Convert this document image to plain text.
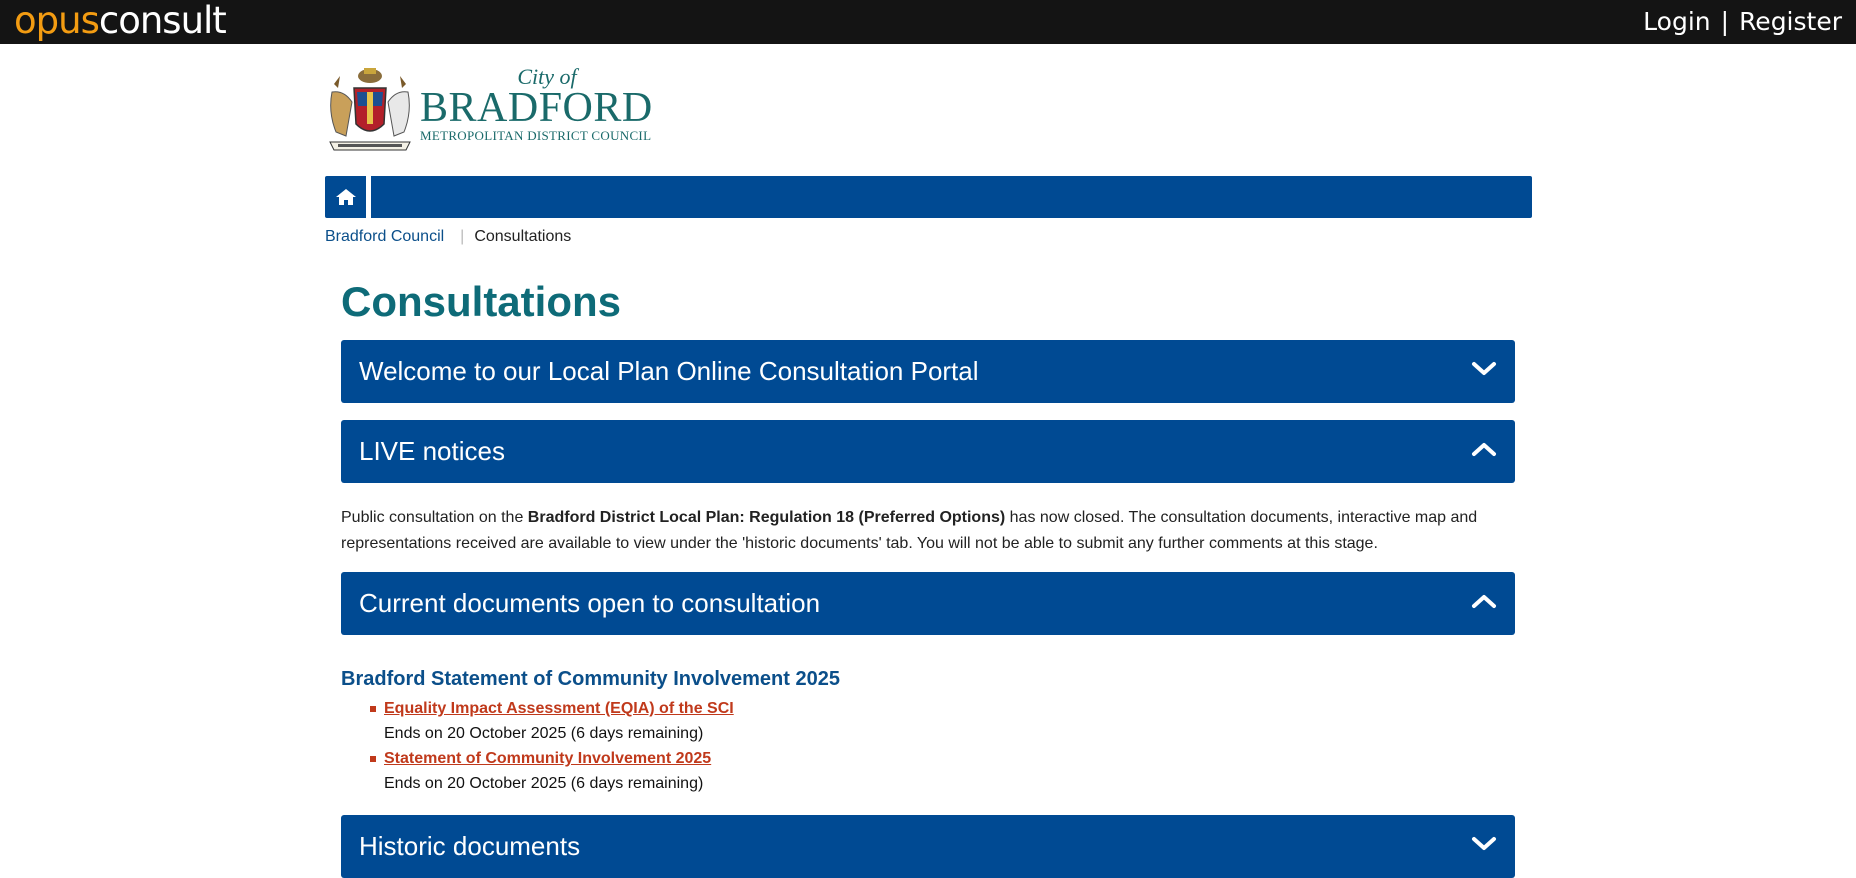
opusconsult	Login | Register
City of
BRADFORD
METROPOLITAN DISTRICT COUNCIL
Bradford Council | Consultations
Consultations
Welcome to our Local Plan Online Consultation Portal
LIVE notices
Public consultation on the Bradford District Local Plan: Regulation 18 (Preferred Options) has now closed. The consultation documents, interactive map and representations received are available to view under the 'historic documents' tab. You will not be able to submit any further comments at this stage.
Current documents open to consultation
Bradford Statement of Community Involvement 2025
Equality Impact Assessment (EQIA) of the SCI
Ends on 20 October 2025 (6 days remaining)
Statement of Community Involvement 2025
Ends on 20 October 2025 (6 days remaining)
Historic documents
